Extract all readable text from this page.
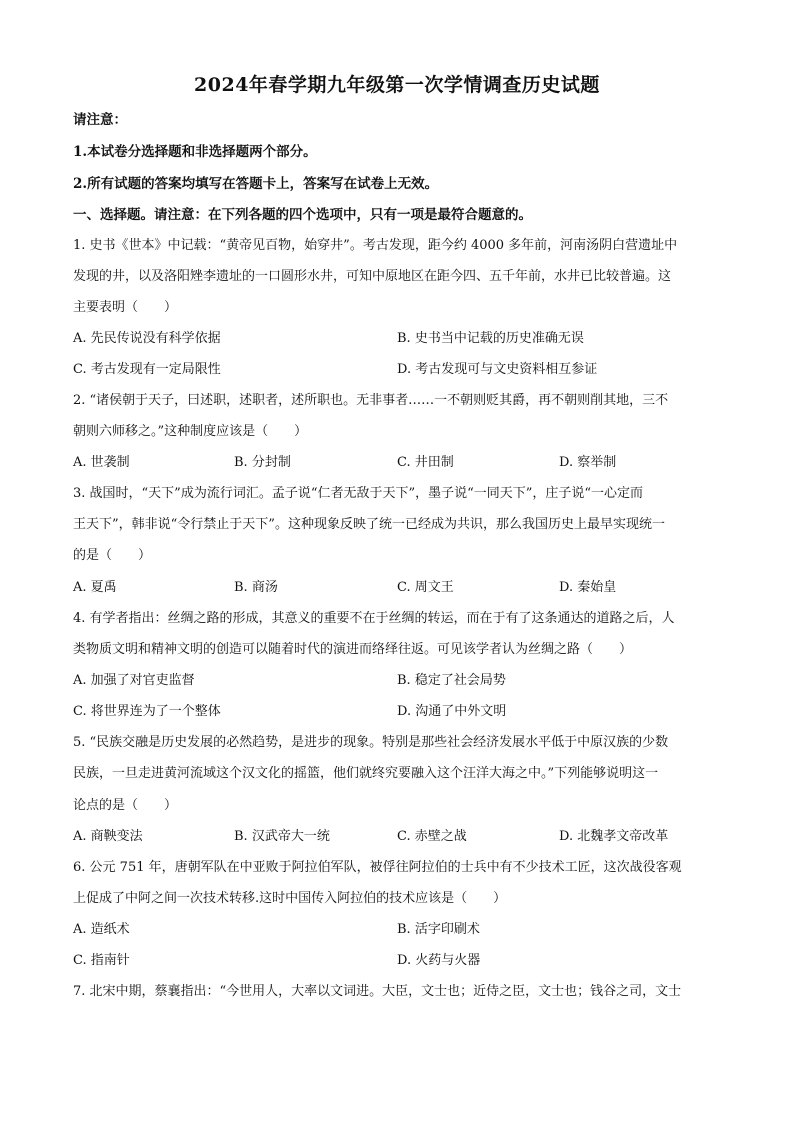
2024年春学期九年级第一次学情调查历史试题
请注意：
1.本试卷分选择题和非选择题两个部分。
2.所有试题的答案均填写在答题卡上，答案写在试卷上无效。
一、选择题。请注意：在下列各题的四个选项中，只有一项是最符合题意的。
1. 史书《世本》中记载：“黄帝见百物，始穿井”。考古发现，距今约 4000 多年前，河南汤阴白营遗址中
发现的井，以及洛阳矬李遗址的一口圆形水井，可知中原地区在距今四、五千年前，水井已比较普遍。这
主要表明（　　）
A. 先民传说没有科学依据	B. 史书当中记载的历史准确无误
C. 考古发现有一定局限性	D. 考古发现可与文史资料相互参证
2. “诸侯朝于天子，曰述职，述职者，述所职也。无非事者……一不朝则贬其爵，再不朝则削其地，三不
朝则六师移之。”这种制度应该是（　　）
A. 世袭制	B. 分封制	C. 井田制	D. 察举制
3. 战国时，“天下”成为流行词汇。孟子说“仁者无敌于天下”，墨子说“一同天下”，庄子说“一心定而
王天下”，韩非说“令行禁止于天下”。这种现象反映了统一已经成为共识，那么我国历史上最早实现统一
的是（　　）
A. 夏禹	B. 商汤	C. 周文王	D. 秦始皇
4. 有学者指出：丝绸之路的形成，其意义的重要不在于丝绸的转运，而在于有了这条通达的道路之后，人
类物质文明和精神文明的创造可以随着时代的演进而络绎往返。可见该学者认为丝绸之路（　　）
A. 加强了对官吏监督	B. 稳定了社会局势
C. 将世界连为了一个整体	D. 沟通了中外文明
5. “民族交融是历史发展的必然趋势，是进步的现象。特别是那些社会经济发展水平低于中原汉族的少数
民族，一旦走进黄河流域这个汉文化的摇篮，他们就终究要融入这个汪洋大海之中。”下列能够说明这一
论点的是（　　）
A. 商鞅变法	B. 汉武帝大一统	C. 赤壁之战	D. 北魏孝文帝改革
6. 公元 751 年，唐朝军队在中亚败于阿拉伯军队，被俘往阿拉伯的士兵中有不少技术工匠，这次战役客观
上促成了中阿之间一次技术转移.这时中国传入阿拉伯的技术应该是（　　）
A. 造纸术	B. 活字印刷术
C. 指南针	D. 火药与火器
7. 北宋中期，蔡襄指出：“今世用人，大率以文词进。大臣，文士也；近侍之臣，文士也；钱谷之司，文士
